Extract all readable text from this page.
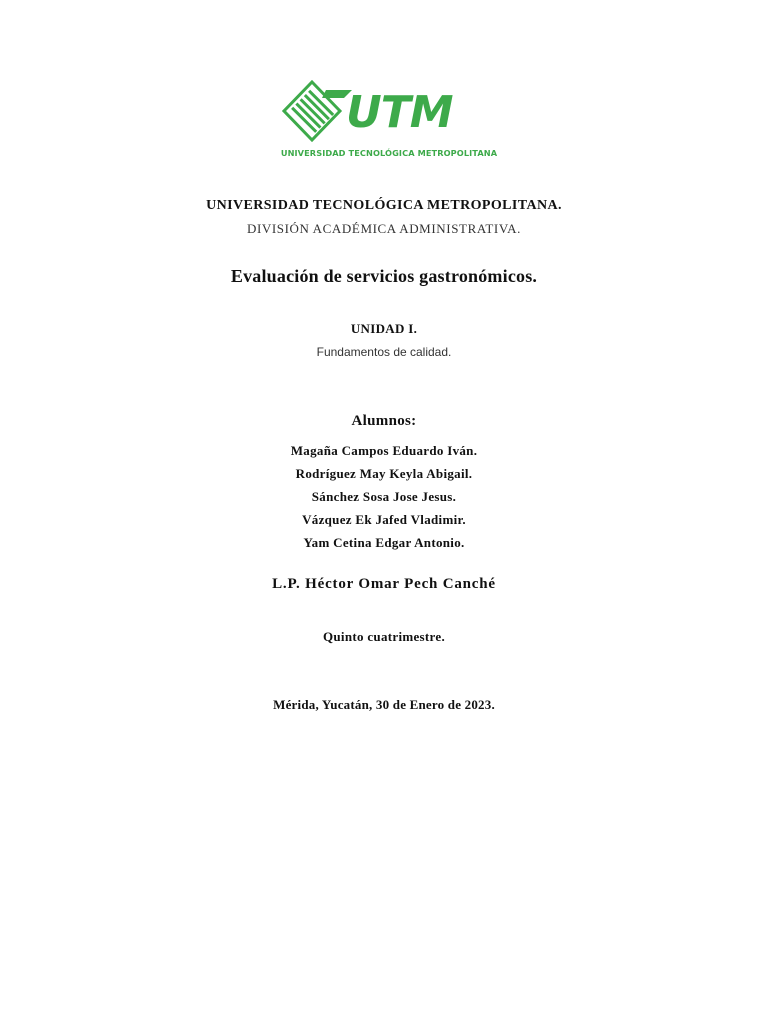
UTM
UNIVERSIDAD TECNOLÓGICA METROPOLITANA
UNIVERSIDAD TECNOLÓGICA METROPOLITANA.
DIVISIÓN ACADÉMICA ADMINISTRATIVA.
Evaluación de servicios gastronómicos.
UNIDAD I.
Fundamentos de calidad.
Alumnos:
Magaña Campos Eduardo Iván.
Rodríguez May Keyla Abigail.
Sánchez Sosa Jose Jesus.
Vázquez Ek Jafed Vladimir.
Yam Cetina Edgar Antonio.
L.P. Héctor Omar Pech Canché
Quinto cuatrimestre.
Mérida, Yucatán, 30 de Enero de 2023.
